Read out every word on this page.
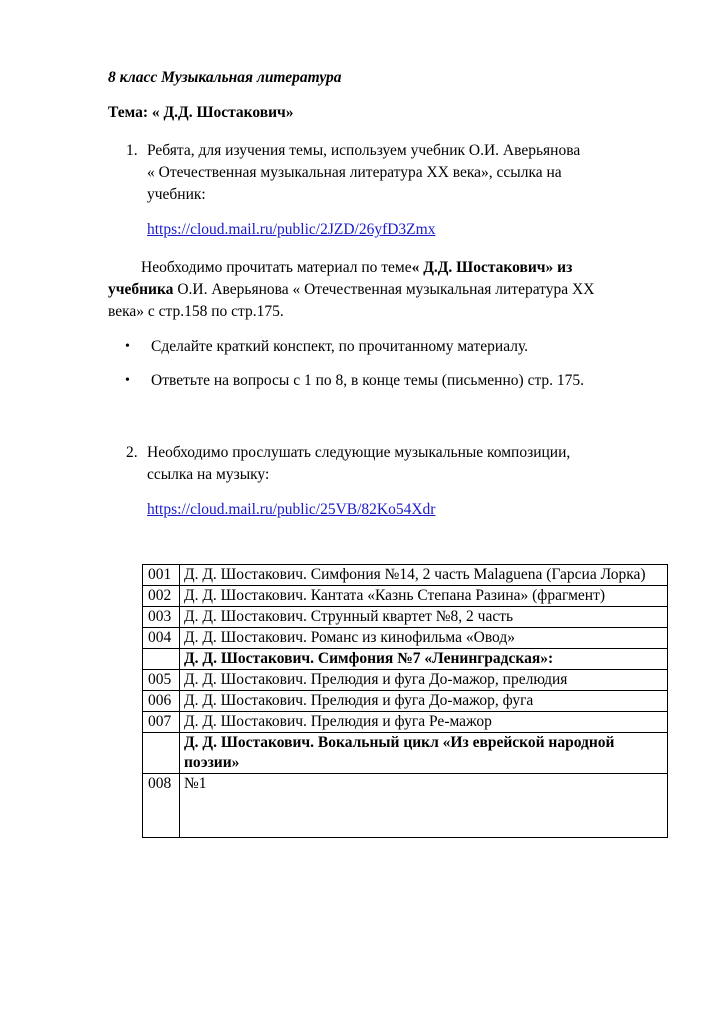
8 класс Музыкальная литература
Тема: « Д.Д. Шостакович»
1. Ребята, для изучения темы, используем учебник О.И. Аверьянова
« Отечественная музыкальная литература XX века», ссылка на
учебник:
https://cloud.mail.ru/public/2JZD/26yfD3Zmx
Необходимо прочитать материал по теме« Д.Д. Шостакович» из
учебника О.И. Аверьянова « Отечественная музыкальная литература XX
века» с стр.158 по стр.175.
• Сделайте краткий конспект, по прочитанному материалу.
• Ответьте на вопросы с 1 по 8, в конце темы (письменно) стр. 175.
2. Необходимо прослушать следующие музыкальные композиции,
ссылка на музыку:
https://cloud.mail.ru/public/25VB/82Ko54Xdr
001	Д. Д. Шостакович. Симфония №14, 2 часть Malaguena (Гарсиа Лорка)
002	Д. Д. Шостакович. Кантата «Казнь Степана Разина» (фрагмент)
003	Д. Д. Шостакович. Струнный квартет №8, 2 часть
004	Д. Д. Шостакович. Романс из кинофильма «Овод»
	Д. Д. Шостакович. Симфония №7 «Ленинградская»:
005	Д. Д. Шостакович. Прелюдия и фуга До-мажор, прелюдия
006	Д. Д. Шостакович. Прелюдия и фуга До-мажор, фуга
007	Д. Д. Шостакович. Прелюдия и фуга Ре-мажор
	Д. Д. Шостакович. Вокальный цикл «Из еврейской народной поэзии»
008	№1
